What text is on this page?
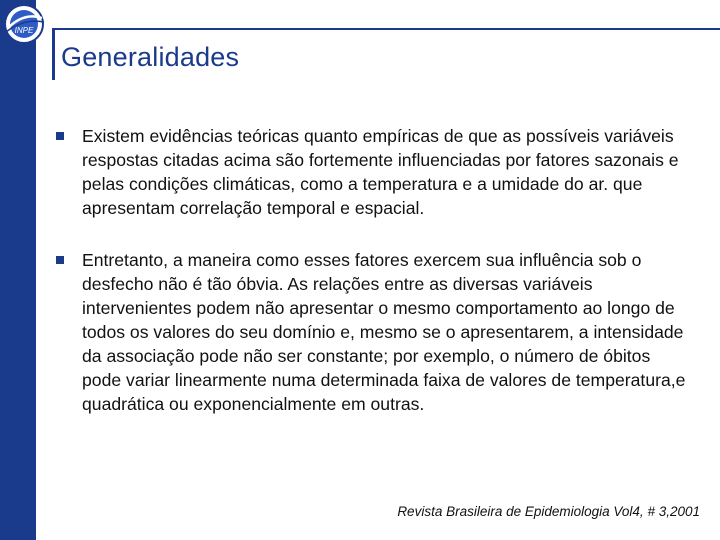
INPE
Generalidades
Existem evidências teóricas quanto empíricas de que as possíveis variáveis respostas citadas acima são fortemente influenciadas por fatores sazonais e pelas condições climáticas, como a temperatura e a umidade do ar. que apresentam correlação temporal e espacial.
Entretanto, a maneira como esses fatores exercem sua influência sob o desfecho não é tão óbvia. As relações entre as diversas variáveis intervenientes podem não apresentar o mesmo comportamento ao longo de todos os valores do seu domínio e, mesmo se o apresentarem, a intensidade da associação pode não ser constante; por exemplo, o número de óbitos pode variar linearmente numa determinada faixa de valores de temperatura,e quadrática ou exponencialmente em outras.
Revista Brasileira de Epidemiologia Vol4, # 3,2001
